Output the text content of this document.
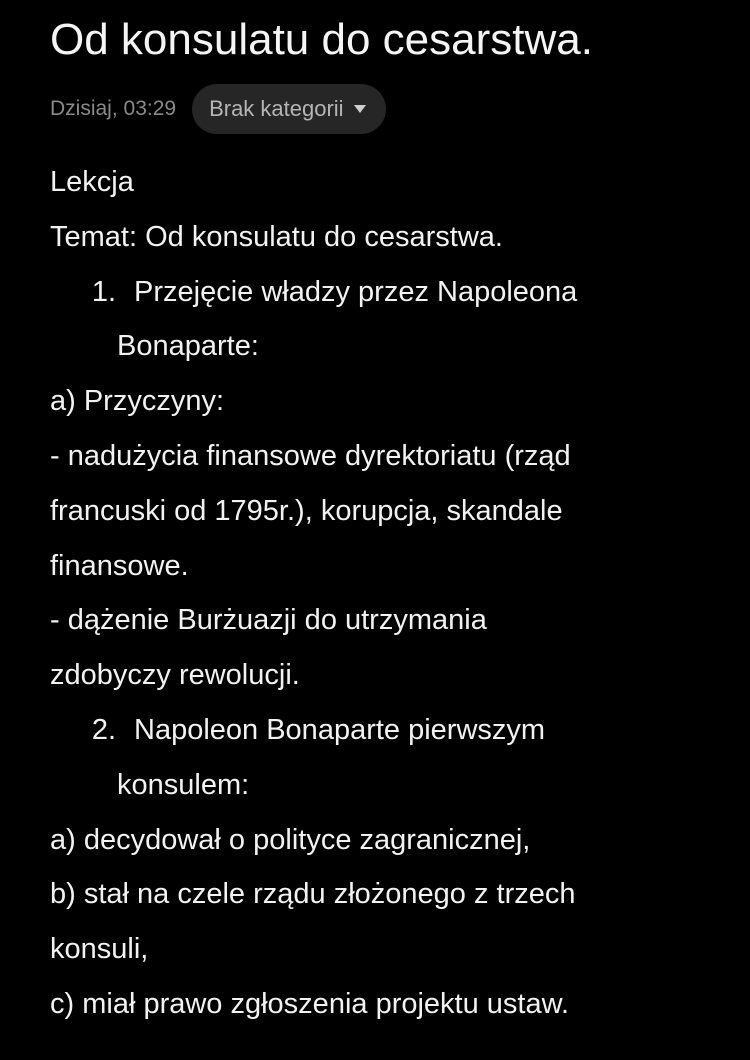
Od konsulatu do cesarstwa.
Dzisiaj, 03:29 Brak kategorii
Lekcja
Temat: Od konsulatu do cesarstwa.
1. Przejęcie władzy przez Napoleona
Bonaparte:
a) Przyczyny:
- nadużycia finansowe dyrektoriatu (rząd
francuski od 1795r.), korupcja, skandale
finansowe.
- dążenie Burżuazji do utrzymania
zdobyczy rewolucji.
2. Napoleon Bonaparte pierwszym
konsulem:
a) decydował o polityce zagranicznej,
b) stał na czele rządu złożonego z trzech
konsuli,
c) miał prawo zgłoszenia projektu ustaw.
